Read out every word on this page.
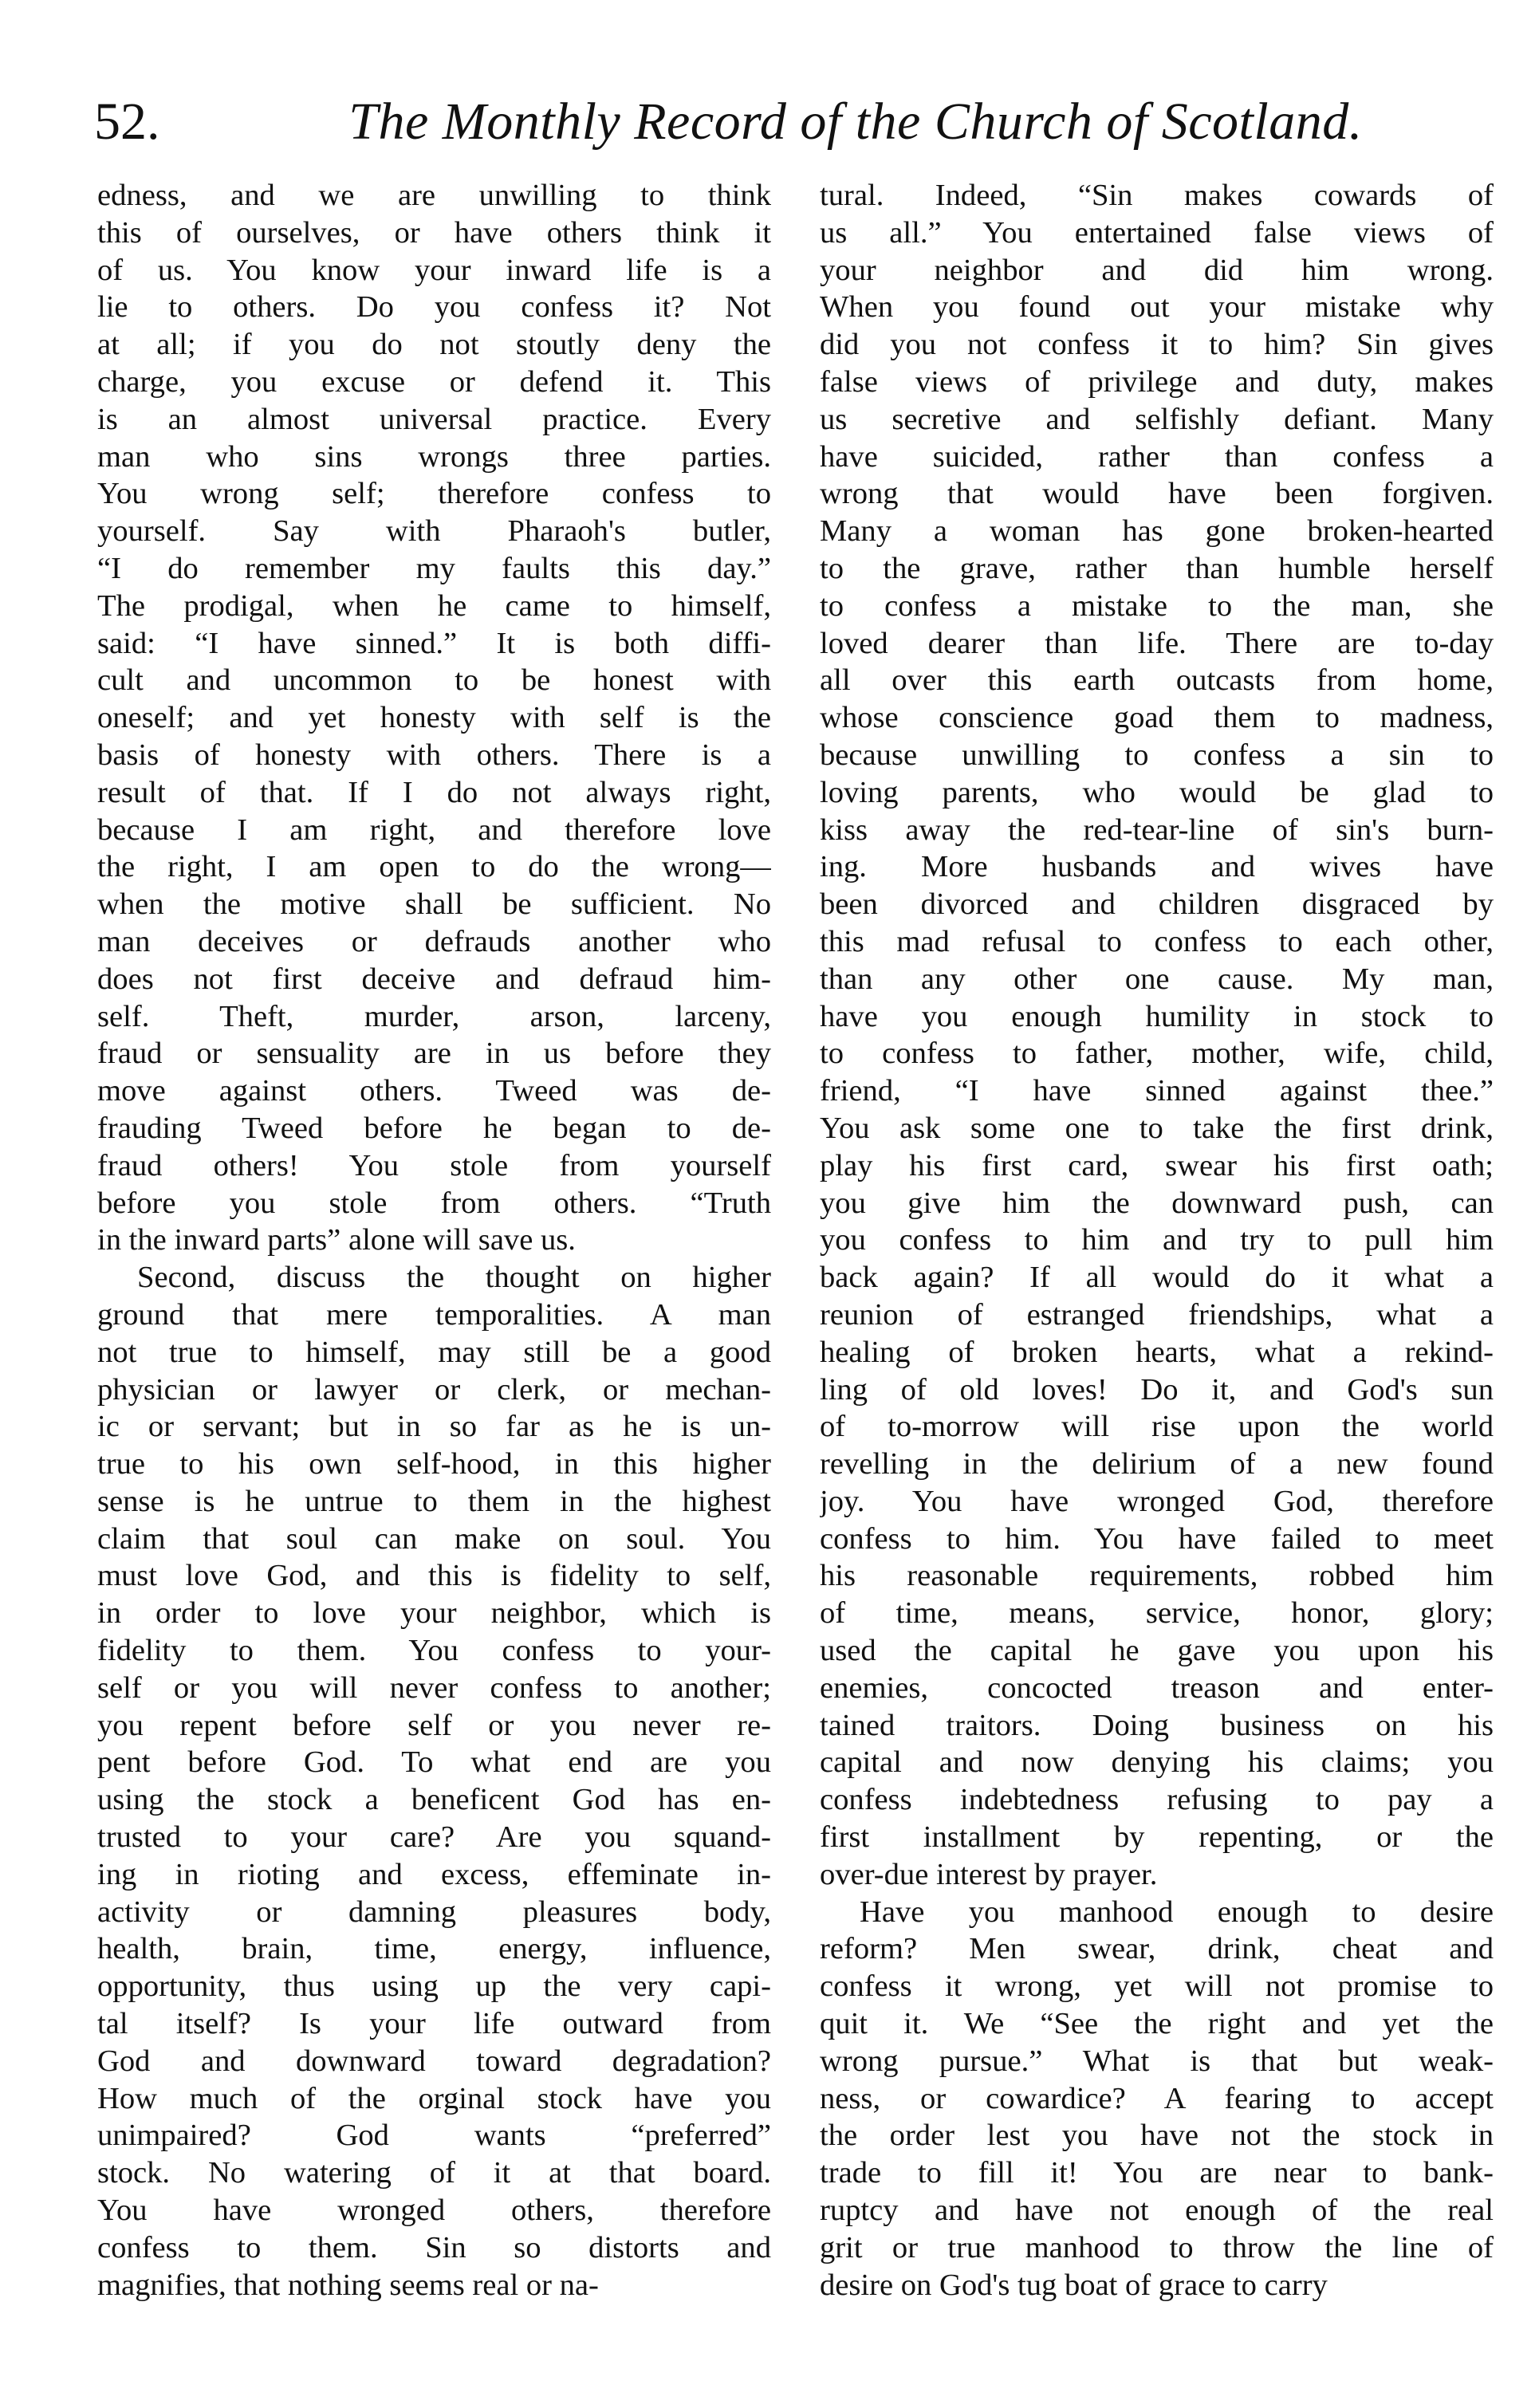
52.	The Monthly Record of the Church of Scotland.

edness, and we are unwilling to think
this of ourselves, or have others think it
of us. You know your inward life is a
lie to others. Do you confess it? Not
at all; if you do not stoutly deny the
charge, you excuse or defend it. This
is an almost universal practice. Every
man who sins wrongs three parties.
You wrong self; therefore confess to
yourself. Say with Pharaoh's butler,
“I do remember my faults this day.”
The prodigal, when he came to himself,
said: “I have sinned.” It is both diffi-
cult and uncommon to be honest with
oneself; and yet honesty with self is the
basis of honesty with others. There is a
result of that. If I do not always right,
because I am right, and therefore love
the right, I am open to do the wrong—
when the motive shall be sufficient. No
man deceives or defrauds another who
does not first deceive and defraud him-
self. Theft, murder, arson, larceny,
fraud or sensuality are in us before they
move against others. Tweed was de-
frauding Tweed before he began to de-
fraud others! You stole from yourself
before you stole from others. “Truth
in the inward parts” alone will save us.

Second, discuss the thought on higher
ground that mere temporalities. A man
not true to himself, may still be a good
physician or lawyer or clerk, or mechan-
ic or servant; but in so far as he is un-
true to his own self-hood, in this higher
sense is he untrue to them in the highest
claim that soul can make on soul. You
must love God, and this is fidelity to self,
in order to love your neighbor, which is
fidelity to them. You confess to your-
self or you will never confess to another;
you repent before self or you never re-
pent before God. To what end are you
using the stock a beneficent God has en-
trusted to your care? Are you squand-
ing in rioting and excess, effeminate in-
activity or damning pleasures body,
health, brain, time, energy, influence,
opportunity, thus using up the very capi-
tal itself? Is your life outward from
God and downward toward degradation?
How much of the orginal stock have you
unimpaired? God wants “preferred”
stock. No watering of it at that board.
You have wronged others, therefore
confess to them. Sin so distorts and
magnifies, that nothing seems real or na-

tural. Indeed, “Sin makes cowards of
us all.” You entertained false views of
your neighbor and did him wrong.
When you found out your mistake why
did you not confess it to him? Sin gives
false views of privilege and duty, makes
us secretive and selfishly defiant. Many
have suicided, rather than confess a
wrong that would have been forgiven.
Many a woman has gone broken-hearted
to the grave, rather than humble herself
to confess a mistake to the man, she
loved dearer than life. There are to-day
all over this earth outcasts from home,
whose conscience goad them to madness,
because unwilling to confess a sin to
loving parents, who would be glad to
kiss away the red-tear-line of sin's burn-
ing. More husbands and wives have
been divorced and children disgraced by
this mad refusal to confess to each other,
than any other one cause. My man,
have you enough humility in stock to
to confess to father, mother, wife, child,
friend, “I have sinned against thee.”
You ask some one to take the first drink,
play his first card, swear his first oath;
you give him the downward push, can
you confess to him and try to pull him
back again? If all would do it what a
reunion of estranged friendships, what a
healing of broken hearts, what a rekind-
ling of old loves! Do it, and God's sun
of to-morrow will rise upon the world
revelling in the delirium of a new found
joy. You have wronged God, therefore
confess to him. You have failed to meet
his reasonable requirements, robbed him
of time, means, service, honor, glory;
used the capital he gave you upon his
enemies, concocted treason and enter-
tained traitors. Doing business on his
capital and now denying his claims; you
confess indebtedness refusing to pay a
first installment by repenting, or the
over-due interest by prayer.

Have you manhood enough to desire
reform? Men swear, drink, cheat and
confess it wrong, yet will not promise to
quit it. We “See the right and yet the
wrong pursue.” What is that but weak-
ness, or cowardice? A fearing to accept
the order lest you have not the stock in
trade to fill it! You are near to bank-
ruptcy and have not enough of the real
grit or true manhood to throw the line of
desire on God's tug boat of grace to carry
